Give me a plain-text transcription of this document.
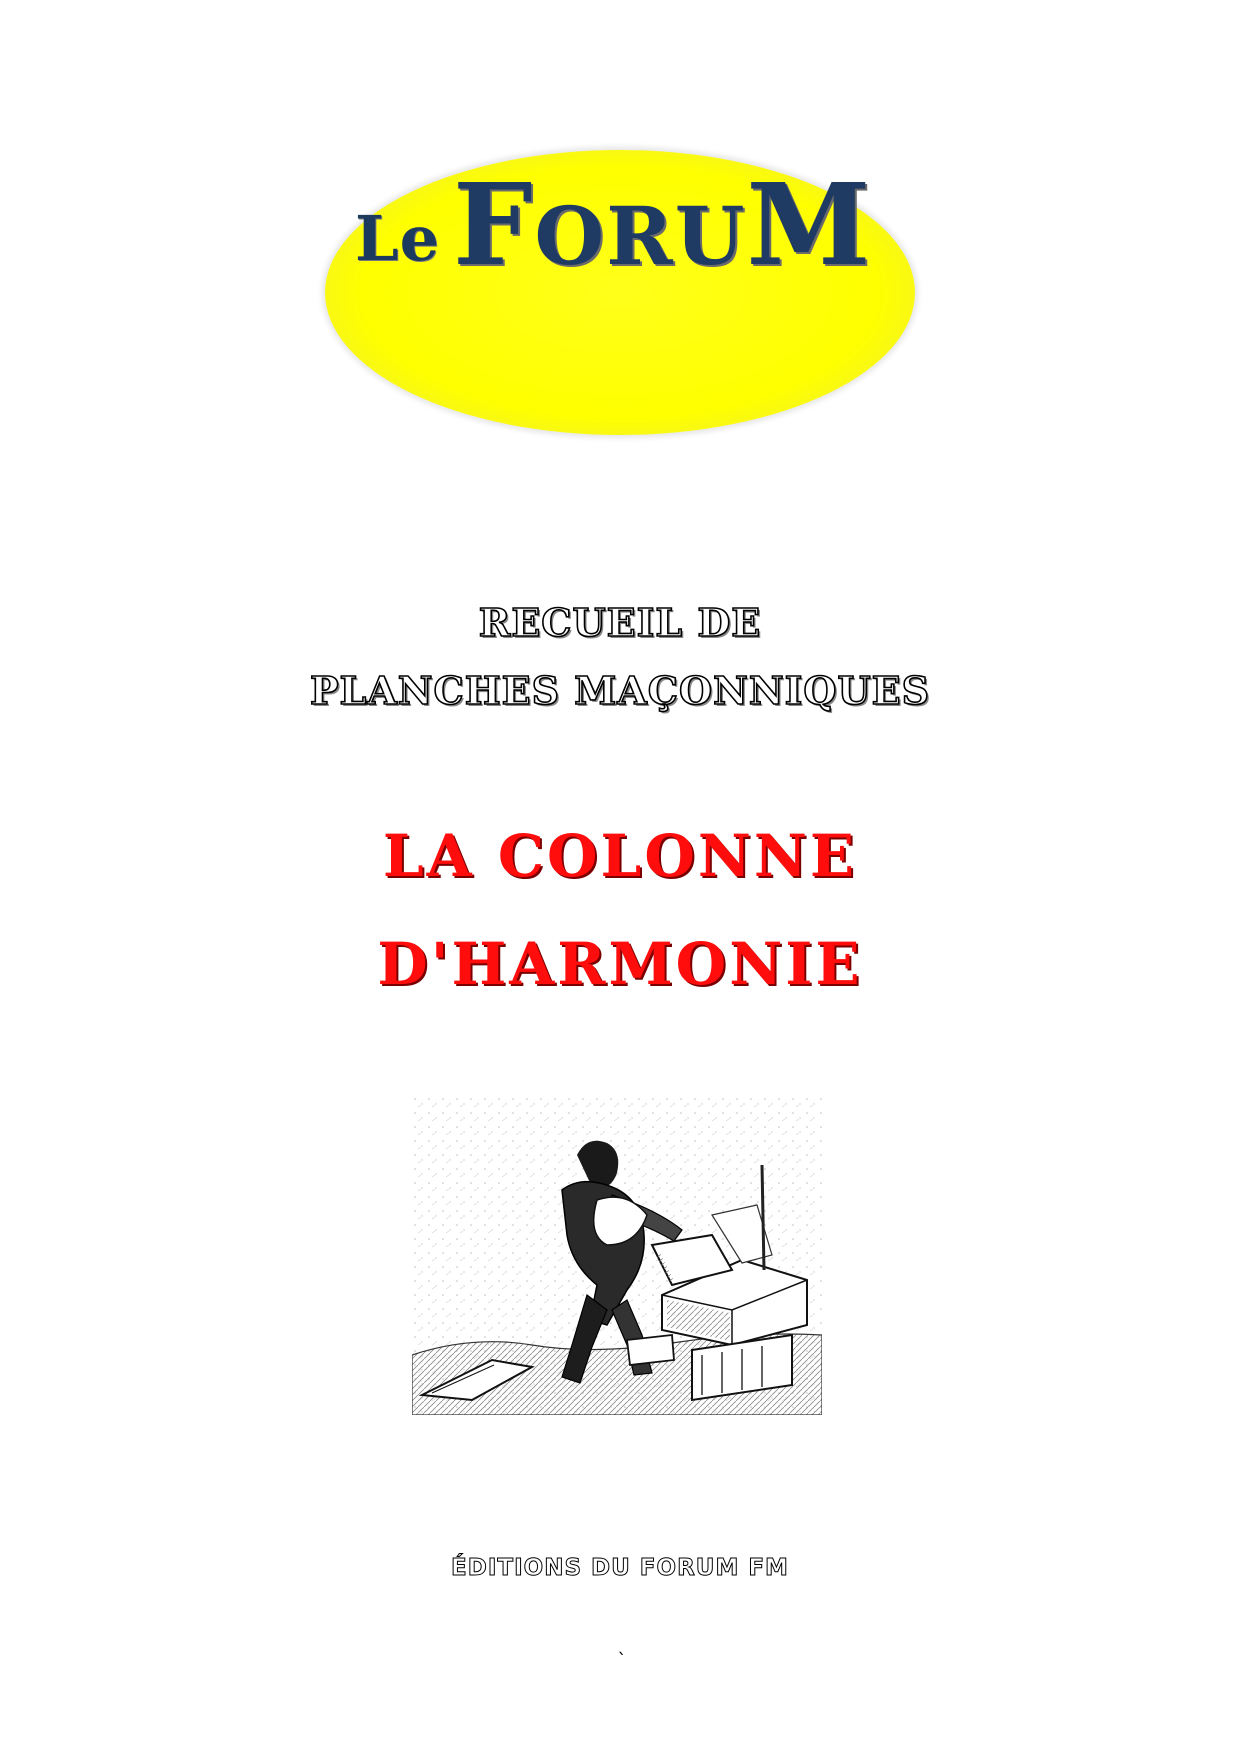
Le FORUM

RECUEIL DE

PLANCHES MAÇONNIQUES

LA COLONNE
D'HARMONIE
ÉDITIONS DU FORUM FM
`
